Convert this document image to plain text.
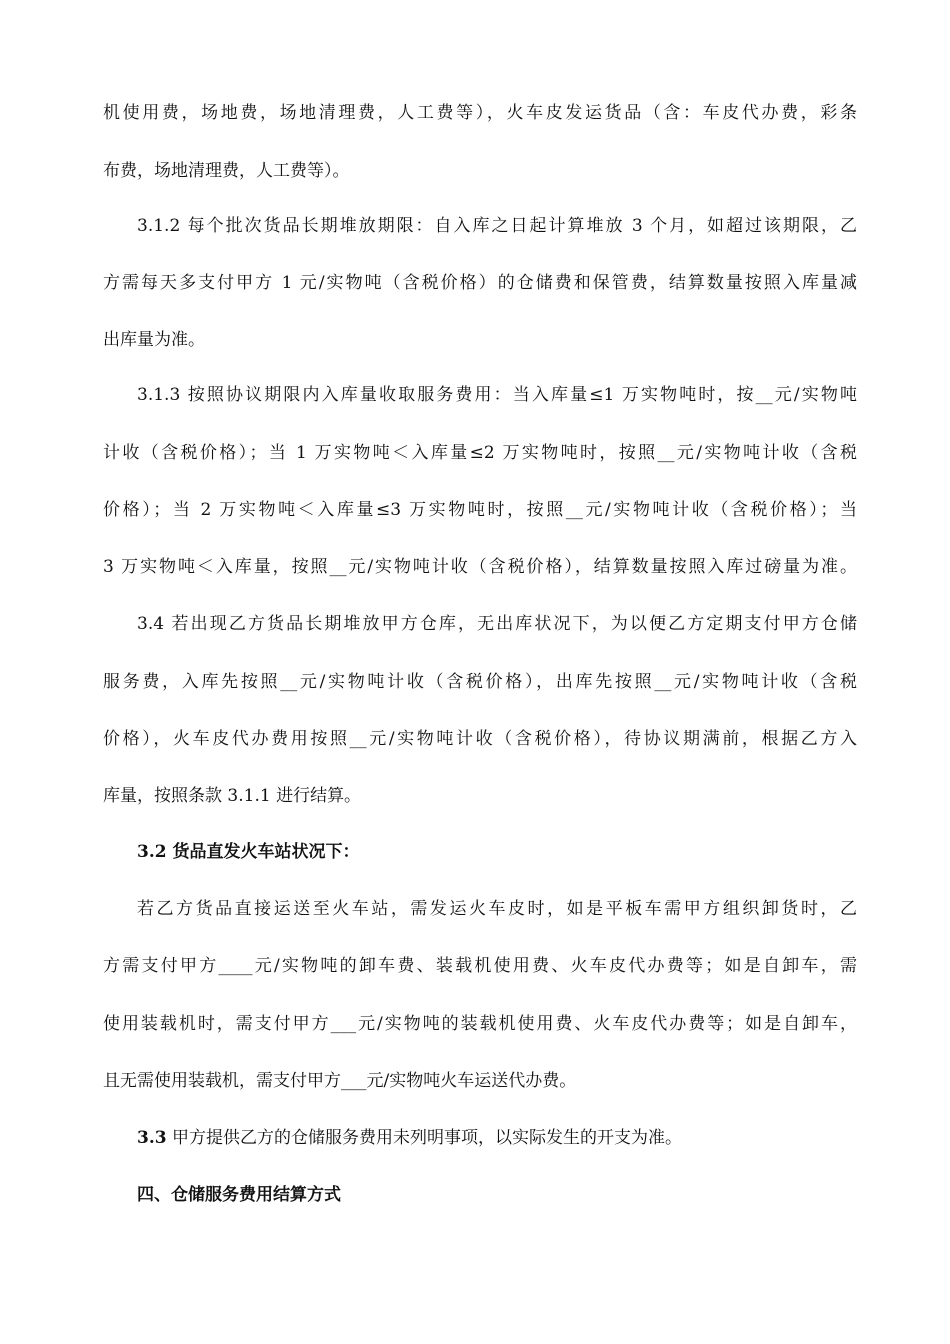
机使用费，场地费，场地清理费，人工费等），火车皮发运货品（含：车皮代办费，彩条

布费，场地清理费，人工费等）。

3.1.2 每个批次货品长期堆放期限：自入库之日起计算堆放 3 个月，如超过该期限，乙

方需每天多支付甲方 1 元/实物吨（含税价格）的仓储费和保管费，结算数量按照入库量减

出库量为准。

3.1.3 按照协议期限内入库量收取服务费用：当入库量≤1 万实物吨时，按__元/实物吨

计收（含税价格）；当 1 万实物吨＜入库量≤2 万实物吨时，按照__元/实物吨计收（含税

价格）；当 2 万实物吨＜入库量≤3 万实物吨时，按照__元/实物吨计收（含税价格）；当

3 万实物吨＜入库量，按照__元/实物吨计收（含税价格），结算数量按照入库过磅量为准。

3.4 若出现乙方货品长期堆放甲方仓库，无出库状况下，为以便乙方定期支付甲方仓储

服务费，入库先按照__元/实物吨计收（含税价格），出库先按照__元/实物吨计收（含税

价格），火车皮代办费用按照__元/实物吨计收（含税价格），待协议期满前，根据乙方入

库量，按照条款 3.1.1 进行结算。

3.2 货品直发火车站状况下：

若乙方货品直接运送至火车站，需发运火车皮时，如是平板车需甲方组织卸货时，乙

方需支付甲方____元/实物吨的卸车费、装载机使用费、火车皮代办费等；如是自卸车，需

使用装载机时，需支付甲方___元/实物吨的装载机使用费、火车皮代办费等；如是自卸车，

且无需使用装载机，需支付甲方___元/实物吨火车运送代办费。

3.3 甲方提供乙方的仓储服务费用未列明事项，以实际发生的开支为准。

四、仓储服务费用结算方式
